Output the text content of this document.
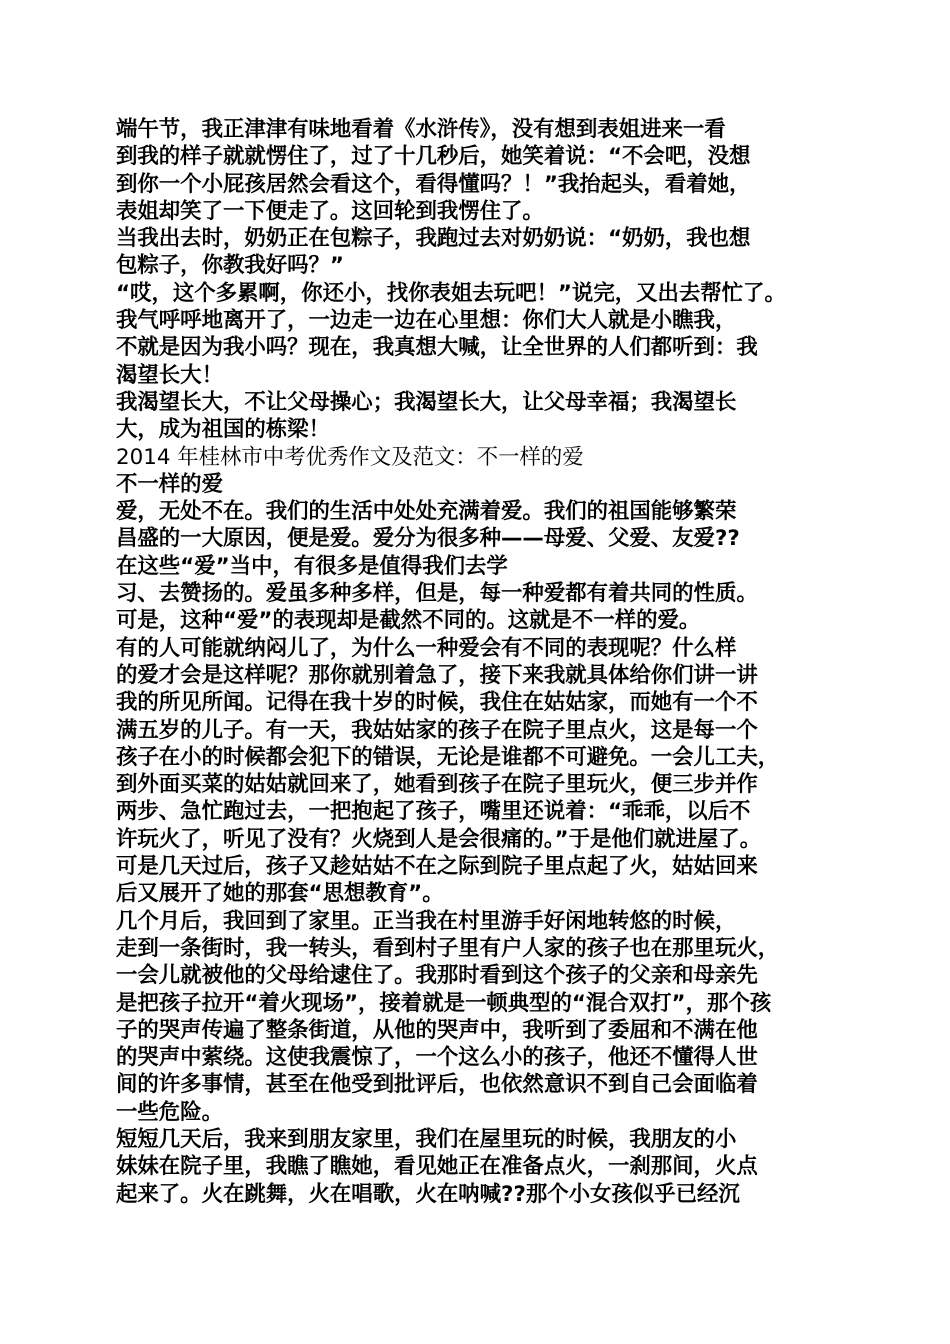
端午节，我正津津有味地看着《水浒传》，没有想到表姐进来一看
到我的样子就就愣住了，过了十几秒后，她笑着说：“不会吧，没想
到你一个小屁孩居然会看这个，看得懂吗？！”我抬起头，看着她，
表姐却笑了一下便走了。这回轮到我愣住了。
当我出去时，奶奶正在包粽子，我跑过去对奶奶说：“奶奶，我也想
包粽子，你教我好吗？”
“哎，这个多累啊，你还小，找你表姐去玩吧！”说完，又出去帮忙了。
我气呼呼地离开了，一边走一边在心里想：你们大人就是小瞧我，
不就是因为我小吗？现在，我真想大喊，让全世界的人们都听到：我
渴望长大！
我渴望长大，不让父母操心；我渴望长大，让父母幸福；我渴望长
大，成为祖国的栋梁！
2014 年桂林市中考优秀作文及范文：不一样的爱
不一样的爱
爱，无处不在。我们的生活中处处充满着爱。我们的祖国能够繁荣
昌盛的一大原因，便是爱。爱分为很多种——母爱、父爱、友爱??
在这些“爱”当中，有很多是值得我们去学
习、去赞扬的。爱虽多种多样，但是，每一种爱都有着共同的性质。
可是，这种“爱”的表现却是截然不同的。这就是不一样的爱。
有的人可能就纳闷儿了，为什么一种爱会有不同的表现呢？什么样
的爱才会是这样呢？那你就别着急了，接下来我就具体给你们讲一讲
我的所见所闻。记得在我十岁的时候，我住在姑姑家，而她有一个不
满五岁的儿子。有一天，我姑姑家的孩子在院子里点火，这是每一个
孩子在小的时候都会犯下的错误，无论是谁都不可避免。一会儿工夫，
到外面买菜的姑姑就回来了，她看到孩子在院子里玩火，便三步并作
两步、急忙跑过去，一把抱起了孩子，嘴里还说着：“乖乖，以后不
许玩火了，听见了没有？火烧到人是会很痛的。”于是他们就进屋了。
可是几天过后，孩子又趁姑姑不在之际到院子里点起了火，姑姑回来
后又展开了她的那套“思想教育”。
几个月后，我回到了家里。正当我在村里游手好闲地转悠的时候，
走到一条街时，我一转头，看到村子里有户人家的孩子也在那里玩火，
一会儿就被他的父母给逮住了。我那时看到这个孩子的父亲和母亲先
是把孩子拉开“着火现场”，接着就是一顿典型的“混合双打”，那个孩
子的哭声传遍了整条街道，从他的哭声中，我听到了委屈和不满在他
的哭声中萦绕。这使我震惊了，一个这么小的孩子，他还不懂得人世
间的许多事情，甚至在他受到批评后，也依然意识不到自己会面临着
一些危险。
短短几天后，我来到朋友家里，我们在屋里玩的时候，我朋友的小
妹妹在院子里，我瞧了瞧她，看见她正在准备点火，一刹那间，火点
起来了。火在跳舞，火在唱歌，火在呐喊??那个小女孩似乎已经沉
